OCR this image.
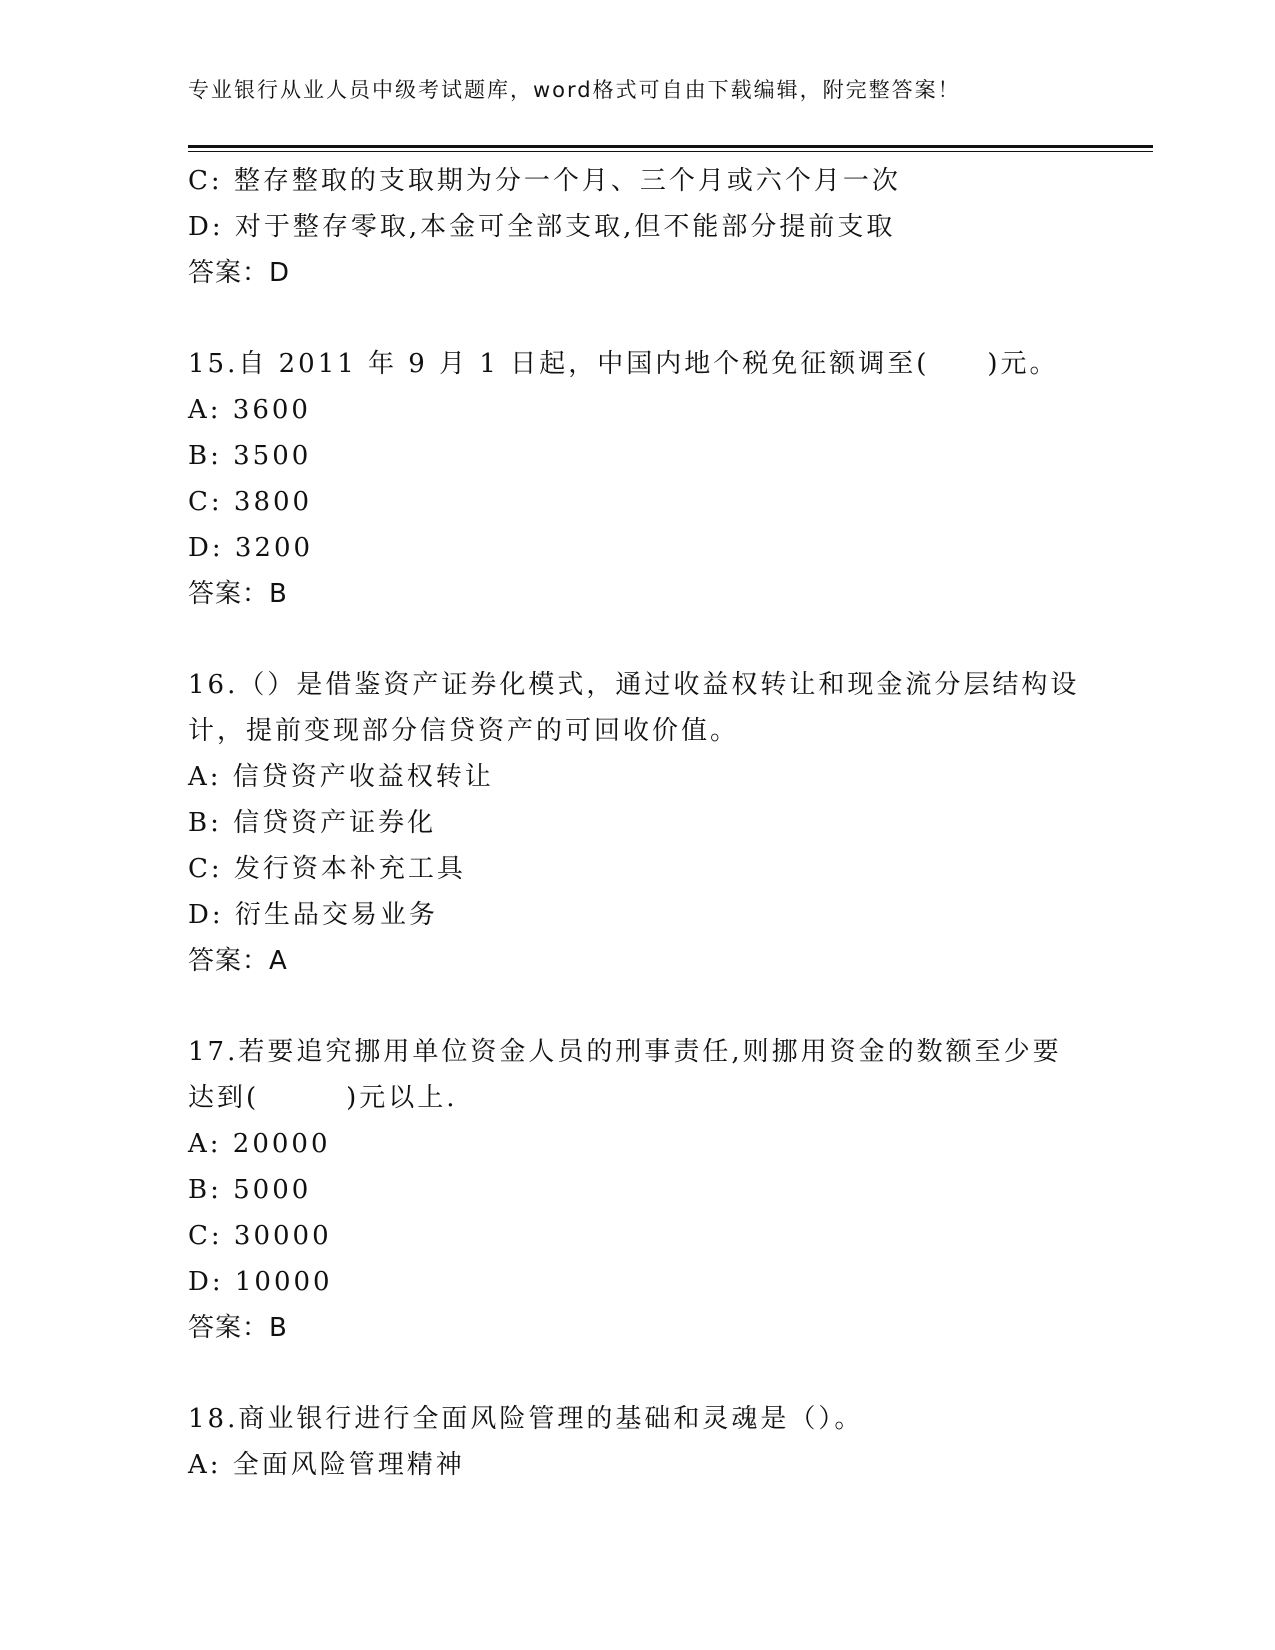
专业银行从业人员中级考试题库，word格式可自由下载编辑，附完整答案！
C: 整存整取的支取期为分一个月、三个月或六个月一次
D: 对于整存零取,本金可全部支取,但不能部分提前支取
答案：D
15.自 2011 年 9 月 1 日起，中国内地个税免征额调至(　　)元。
A: 3600
B: 3500
C: 3800
D: 3200
答案：B
16.（）是借鉴资产证券化模式，通过收益权转让和现金流分层结构设
计，提前变现部分信贷资产的可回收价值。
A: 信贷资产收益权转让
B: 信贷资产证券化
C: 发行资本补充工具
D: 衍生品交易业务
答案：A
17.若要追究挪用单位资金人员的刑事责任,则挪用资金的数额至少要
达到(　　　)元以上.
A: 20000
B: 5000
C: 30000
D: 10000
答案：B
18.商业银行进行全面风险管理的基础和灵魂是（）。
A: 全面风险管理精神
